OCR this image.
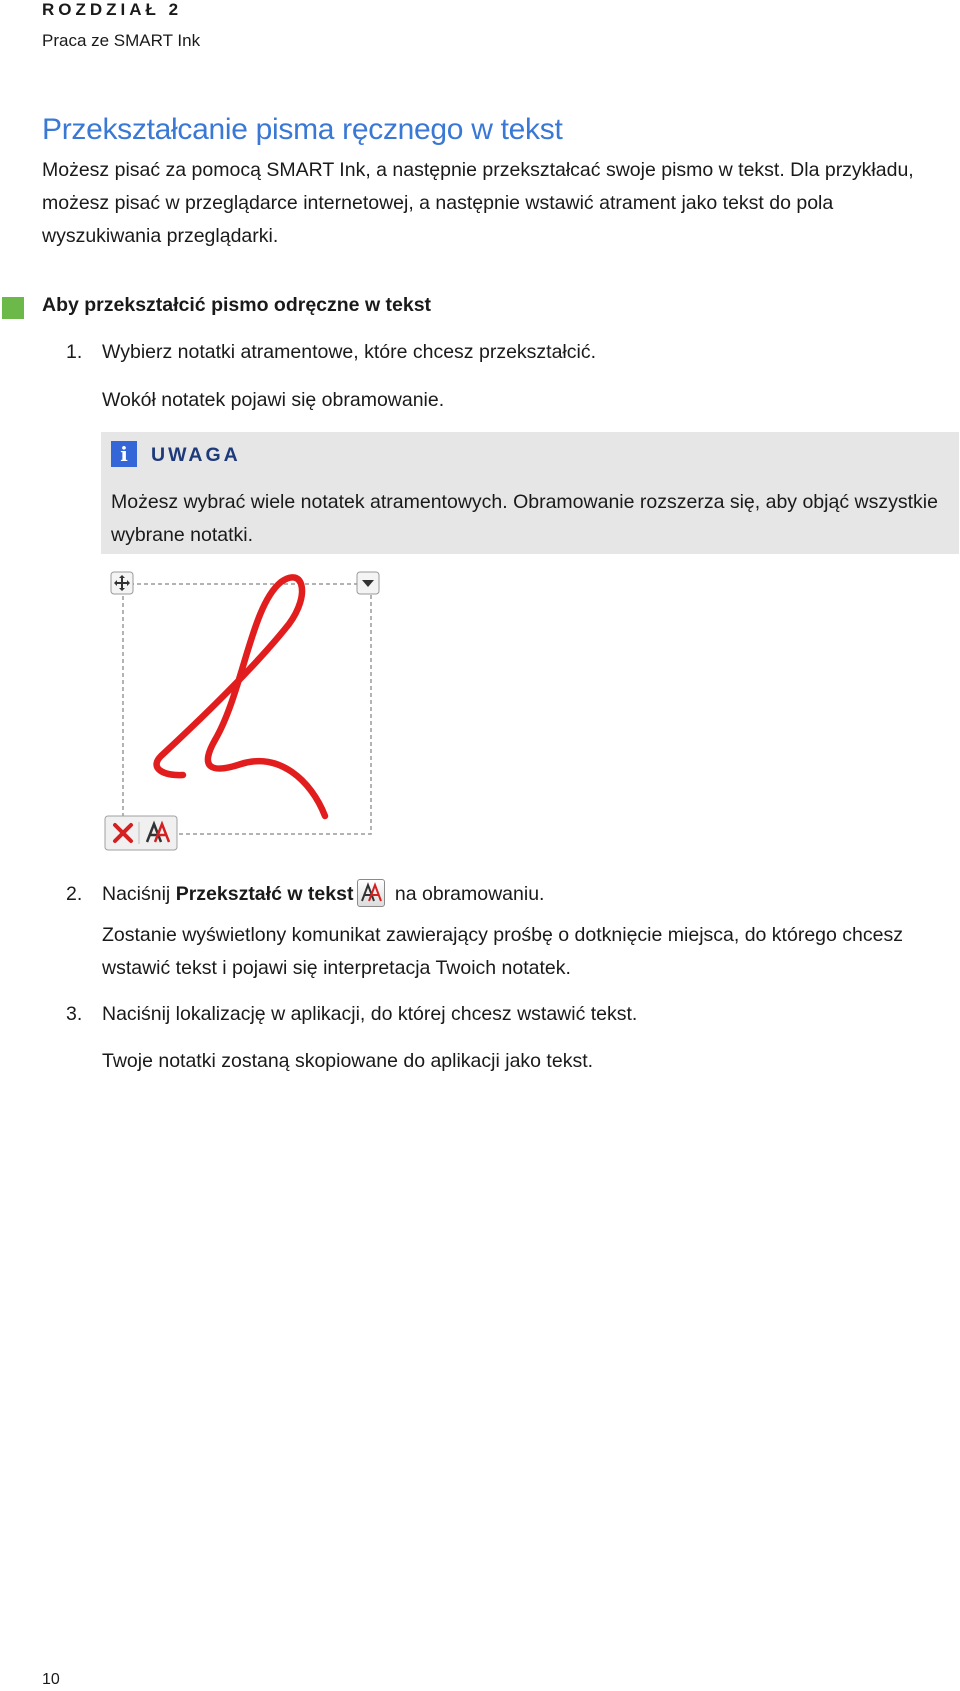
ROZDZIAŁ 2
Praca ze SMART Ink
Przekształcanie pisma ręcznego w tekst

Możesz pisać za pomocą SMART Ink, a następnie przekształcać swoje pismo w tekst. Dla przykładu, możesz pisać w przeglądarce internetowej, a następnie wstawić atrament jako tekst do pola wyszukiwania przeglądarki.

Aby przekształcić pismo odręczne w tekst
1. Wybierz notatki atramentowe, które chcesz przekształcić.

Wokół notatek pojawi się obramowanie.

i	UWAGA

Możesz wybrać wiele notatek atramentowych. Obramowanie rozszerza się, aby objąć wszystkie wybrane notatki.

2. Naciśnij Przekształć w tekst na obramowaniu.

Zostanie wyświetlony komunikat zawierający prośbę o dotknięcie miejsca, do którego chcesz wstawić tekst i pojawi się interpretacja Twoich notatek.

3. Naciśnij lokalizację w aplikacji, do której chcesz wstawić tekst.

Twoje notatki zostaną skopiowane do aplikacji jako tekst.

10
